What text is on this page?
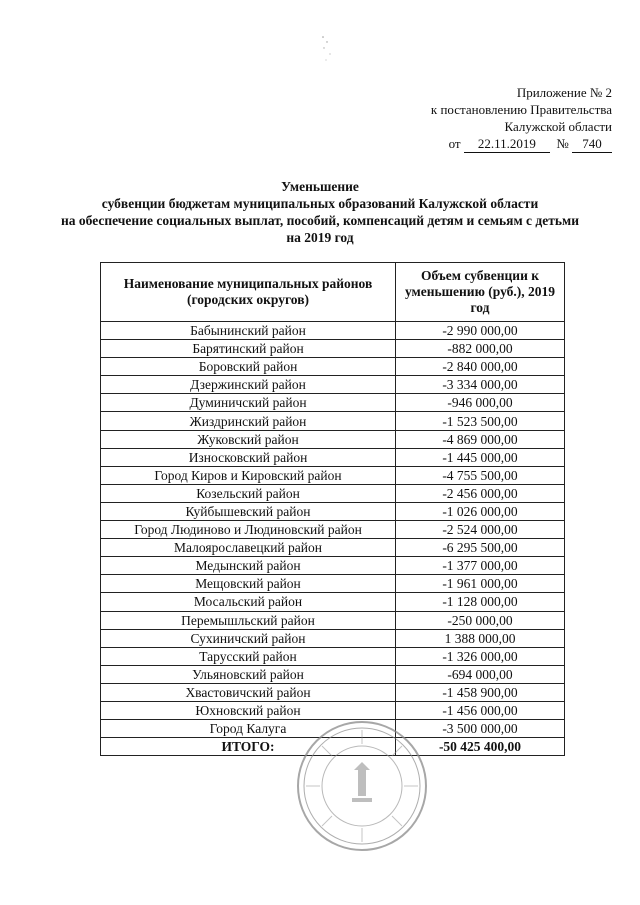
Приложение № 2
к постановлению Правительства
Калужской области
от 22.11.2019 № 740
Уменьшение
субвенции бюджетам муниципальных образований Калужской области
на обеспечение социальных выплат, пособий, компенсаций детям и семьям с детьми
на 2019 год
Наименование муниципальных районов (городских округов)	Объем субвенции к уменьшению (руб.), 2019 год
Бабынинский район	-2 990 000,00
Барятинский район	-882 000,00
Боровский район	-2 840 000,00
Дзержинский район	-3 334 000,00
Думиничский район	-946 000,00
Жиздринский район	-1 523 500,00
Жуковский район	-4 869 000,00
Износковский район	-1 445 000,00
Город Киров и Кировский район	-4 755 500,00
Козельский район	-2 456 000,00
Куйбышевский район	-1 026 000,00
Город Людиново и Людиновский район	-2 524 000,00
Малоярославецкий район	-6 295 500,00
Медынский район	-1 377 000,00
Мещовский район	-1 961 000,00
Мосальский район	-1 128 000,00
Перемышльский район	-250 000,00
Сухиничский район	1 388 000,00
Тарусский район	-1 326 000,00
Ульяновский район	-694 000,00
Хвастовичский район	-1 458 900,00
Юхновский район	-1 456 000,00
Город Калуга	-3 500 000,00
ИТОГО:	-50 425 400,00
